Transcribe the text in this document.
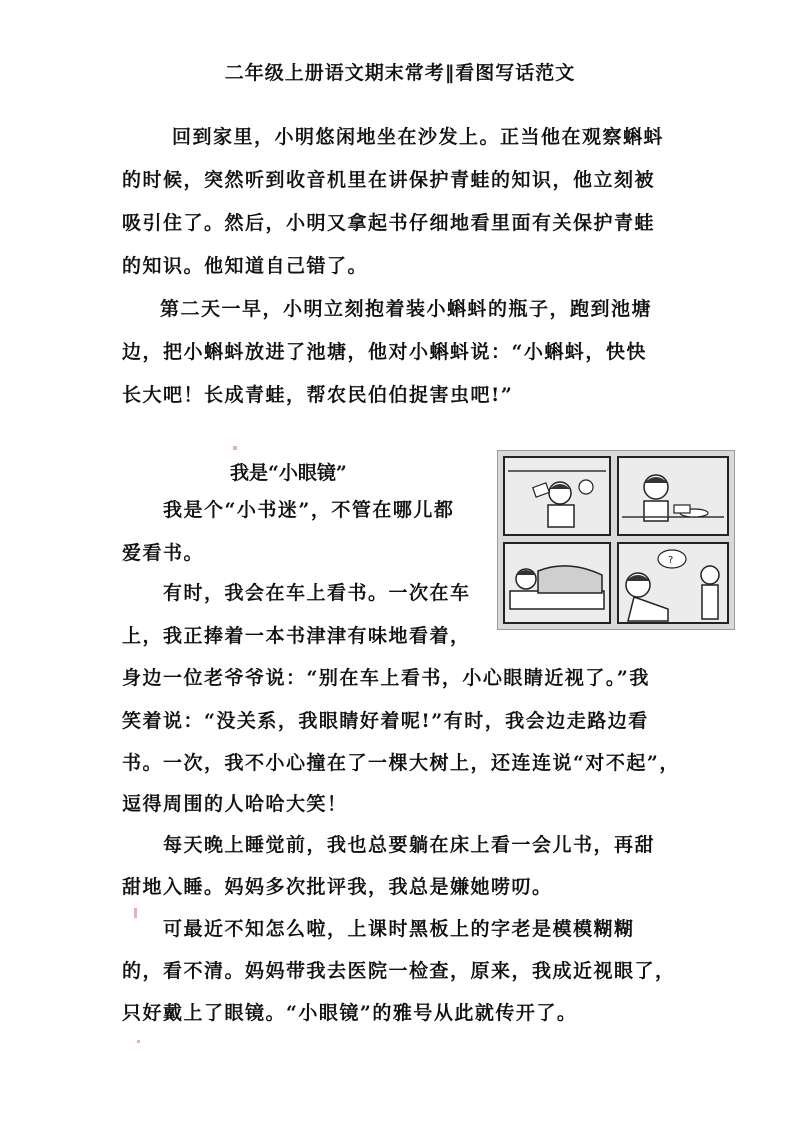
二年级上册语文期末常考‖看图写话范文
回到家里，小明悠闲地坐在沙发上。正当他在观察蝌蚪
的时候，突然听到收音机里在讲保护青蛙的知识，他立刻被
吸引住了。然后，小明又拿起书仔细地看里面有关保护青蛙
的知识。他知道自己错了。
第二天一早，小明立刻抱着装小蝌蚪的瓶子，跑到池塘
边，把小蝌蚪放进了池塘，他对小蝌蚪说：“小蝌蚪，快快
长大吧！长成青蛙，帮农民伯伯捉害虫吧!”
我是“小眼镜”
?
我是个“小书迷”，不管在哪儿都
爱看书。
有时，我会在车上看书。一次在车
上，我正捧着一本书津津有味地看着，
身边一位老爷爷说：“别在车上看书，小心眼睛近视了。”我
笑着说：“没关系，我眼睛好着呢!”有时，我会边走路边看
书。一次，我不小心撞在了一棵大树上，还连连说“对不起”，
逗得周围的人哈哈大笑！
每天晚上睡觉前，我也总要躺在床上看一会儿书，再甜
甜地入睡。妈妈多次批评我，我总是嫌她唠叨。
可最近不知怎么啦，上课时黑板上的字老是模模糊糊
的，看不清。妈妈带我去医院一检查，原来，我成近视眼了，
只好戴上了眼镜。“小眼镜”的雅号从此就传开了。
